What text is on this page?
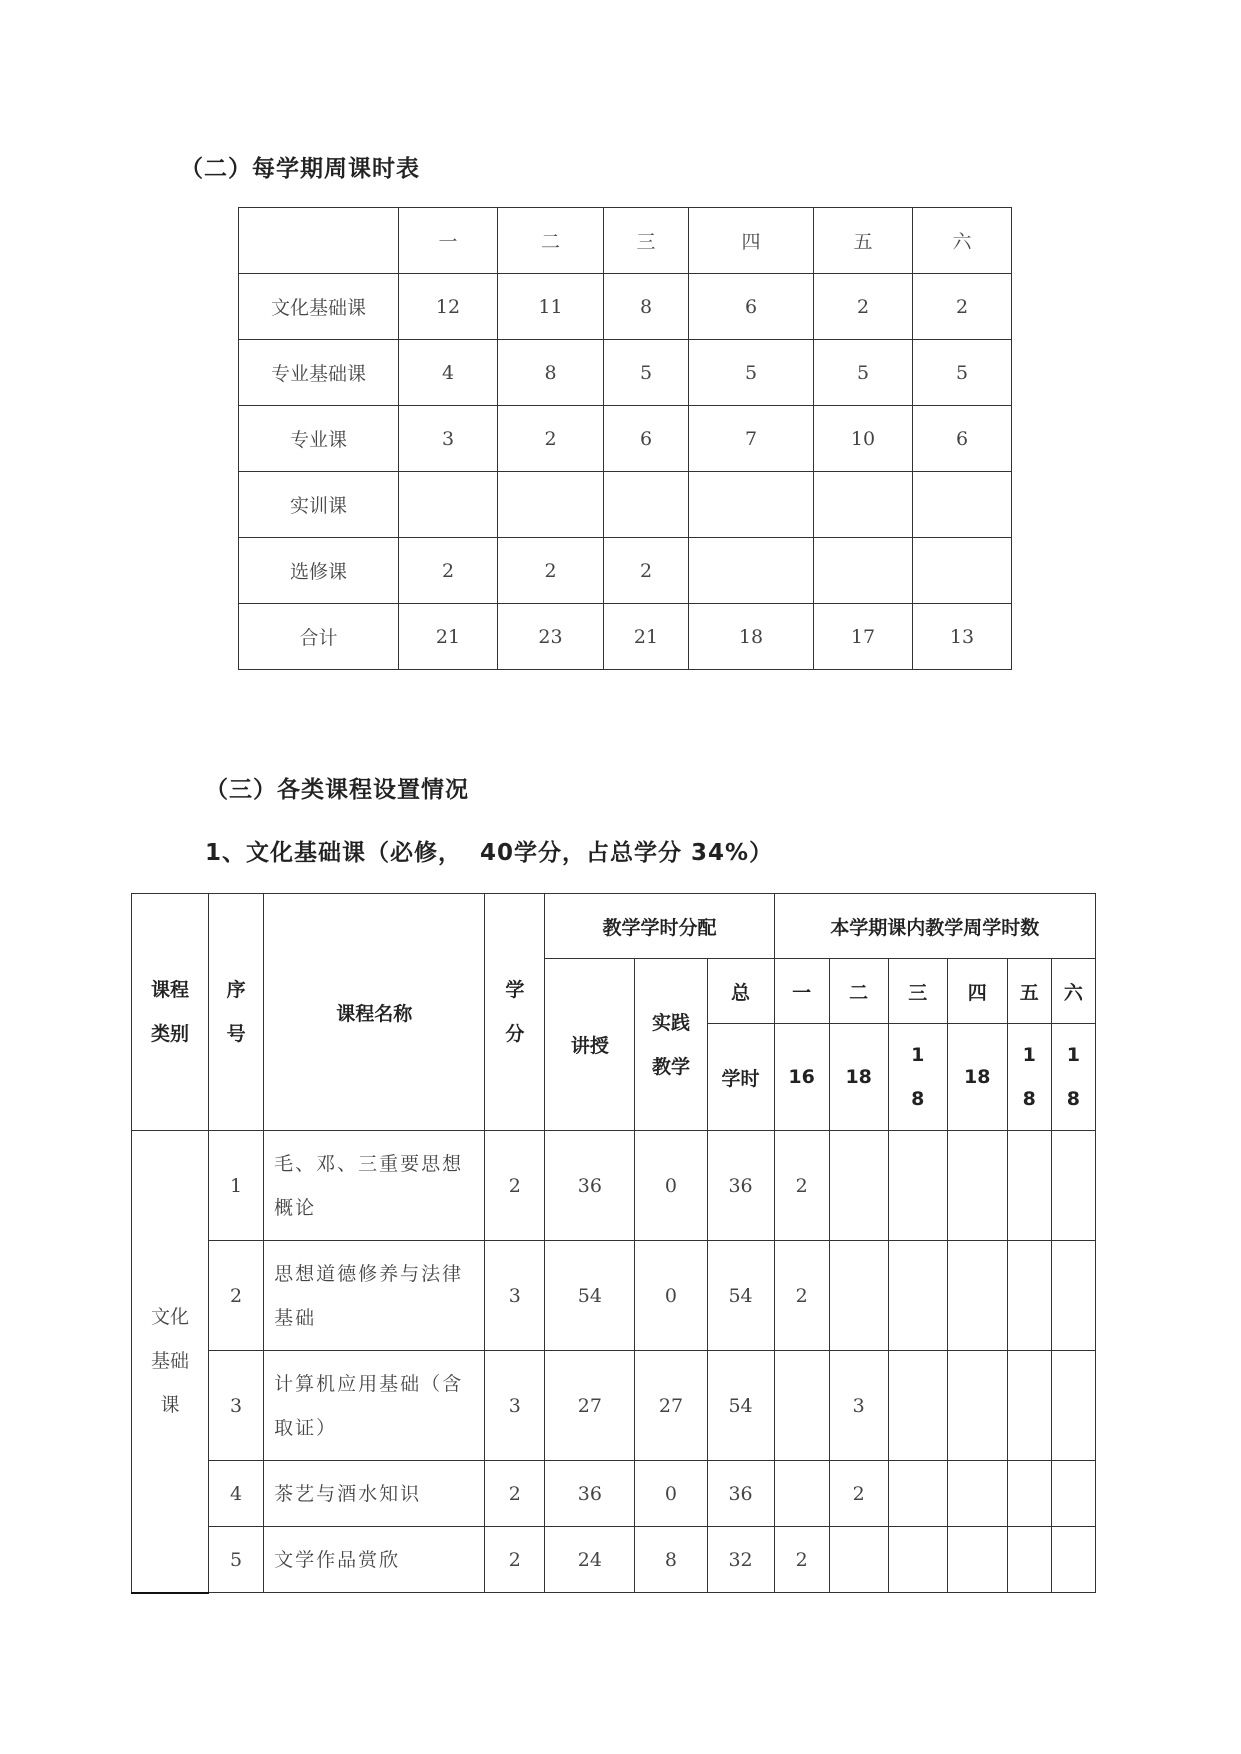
（二）每学期周课时表
	一	二	三	四	五	六
文化基础课	12	11	8	6	2	2
专业基础课	4	8	5	5	5	5
专业课	3	2	6	7	10	6
实训课						
选修课	2	2	2			
合计	21	23	21	18	17	13
（三）各类课程设置情况
1、文化基础课（必修，  40学分，占总学分 34%）
课程类别	序号	课程名称	学分	教学学时分配			本学期课内教学周学时数					
				讲授	实践教学	总	一	二	三	四	五	六
						学时	16	18	18	18	18	18

文化基础课	1	毛、邓、三重要思想概论	2	36	0	36	2					
	2	思想道德修养与法律基础	3	54	0	54	2					
	3	计算机应用基础（含取证）	3	27	27	54		3				
	4	茶艺与酒水知识	2	36	0	36		2				
	5	文学作品赏欣	2	24	8	32	2					
